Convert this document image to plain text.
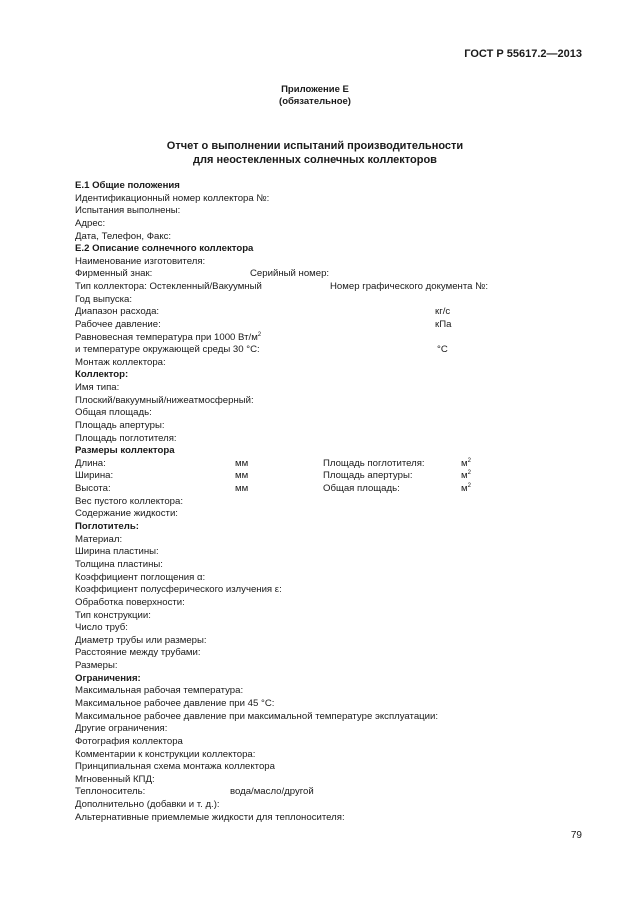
ГОСТ Р 55617.2—2013
Приложение Е
(обязательное)
Отчет о выполнении испытаний производительности
для неостекленных солнечных коллекторов
Е.1 Общие положения
Идентификационный номер коллектора №:
Испытания выполнены:
Адрес:
Дата, Телефон, Факс:
Е.2 Описание солнечного коллектора
Наименование изготовителя:
Фирменный знак:	Серийный номер:
Тип коллектора: Остекленный/Вакуумный	Номер графического документа №:
Год выпуска:
Диапазон расхода:	кг/с
Рабочее давление:	кПа
Равновесная температура при 1000 $Вт/м^2$
и температуре окружающей среды 30 °С:	°С
Монтаж коллектора:
Коллектор:
Имя типа:
Плоский/вакуумный/нижеатмосферный:
Общая площадь:
Площадь апертуры:
Площадь поглотителя:
Размеры коллектора
Длина:	мм	Площадь поглотителя:	$м^2$
Ширина:	мм	Площадь апертуры:	$м^2$
Высота:	мм	Общая площадь:	$м^2$
Вес пустого коллектора:
Содержание жидкости:
Поглотитель:
Материал:
Ширина пластины:
Толщина пластины:
Коэффициент поглощения α:
Коэффициент полусферического излучения ε:
Обработка поверхности:
Тип конструкции:
Число труб:
Диаметр трубы или размеры:
Расстояние между трубами:
Размеры:
Ограничения:
Максимальная рабочая температура:
Максимальное рабочее давление при 45 °С:
Максимальное рабочее давление при максимальной температуре эксплуатации:
Другие ограничения:
Фотография коллектора
Комментарии к конструкции коллектора:
Принципиальная схема монтажа коллектора
Мгновенный КПД:
Теплоноситель:	вода/масло/другой
Дополнительно (добавки и т. д.):
Альтернативные приемлемые жидкости для теплоносителя:
79
